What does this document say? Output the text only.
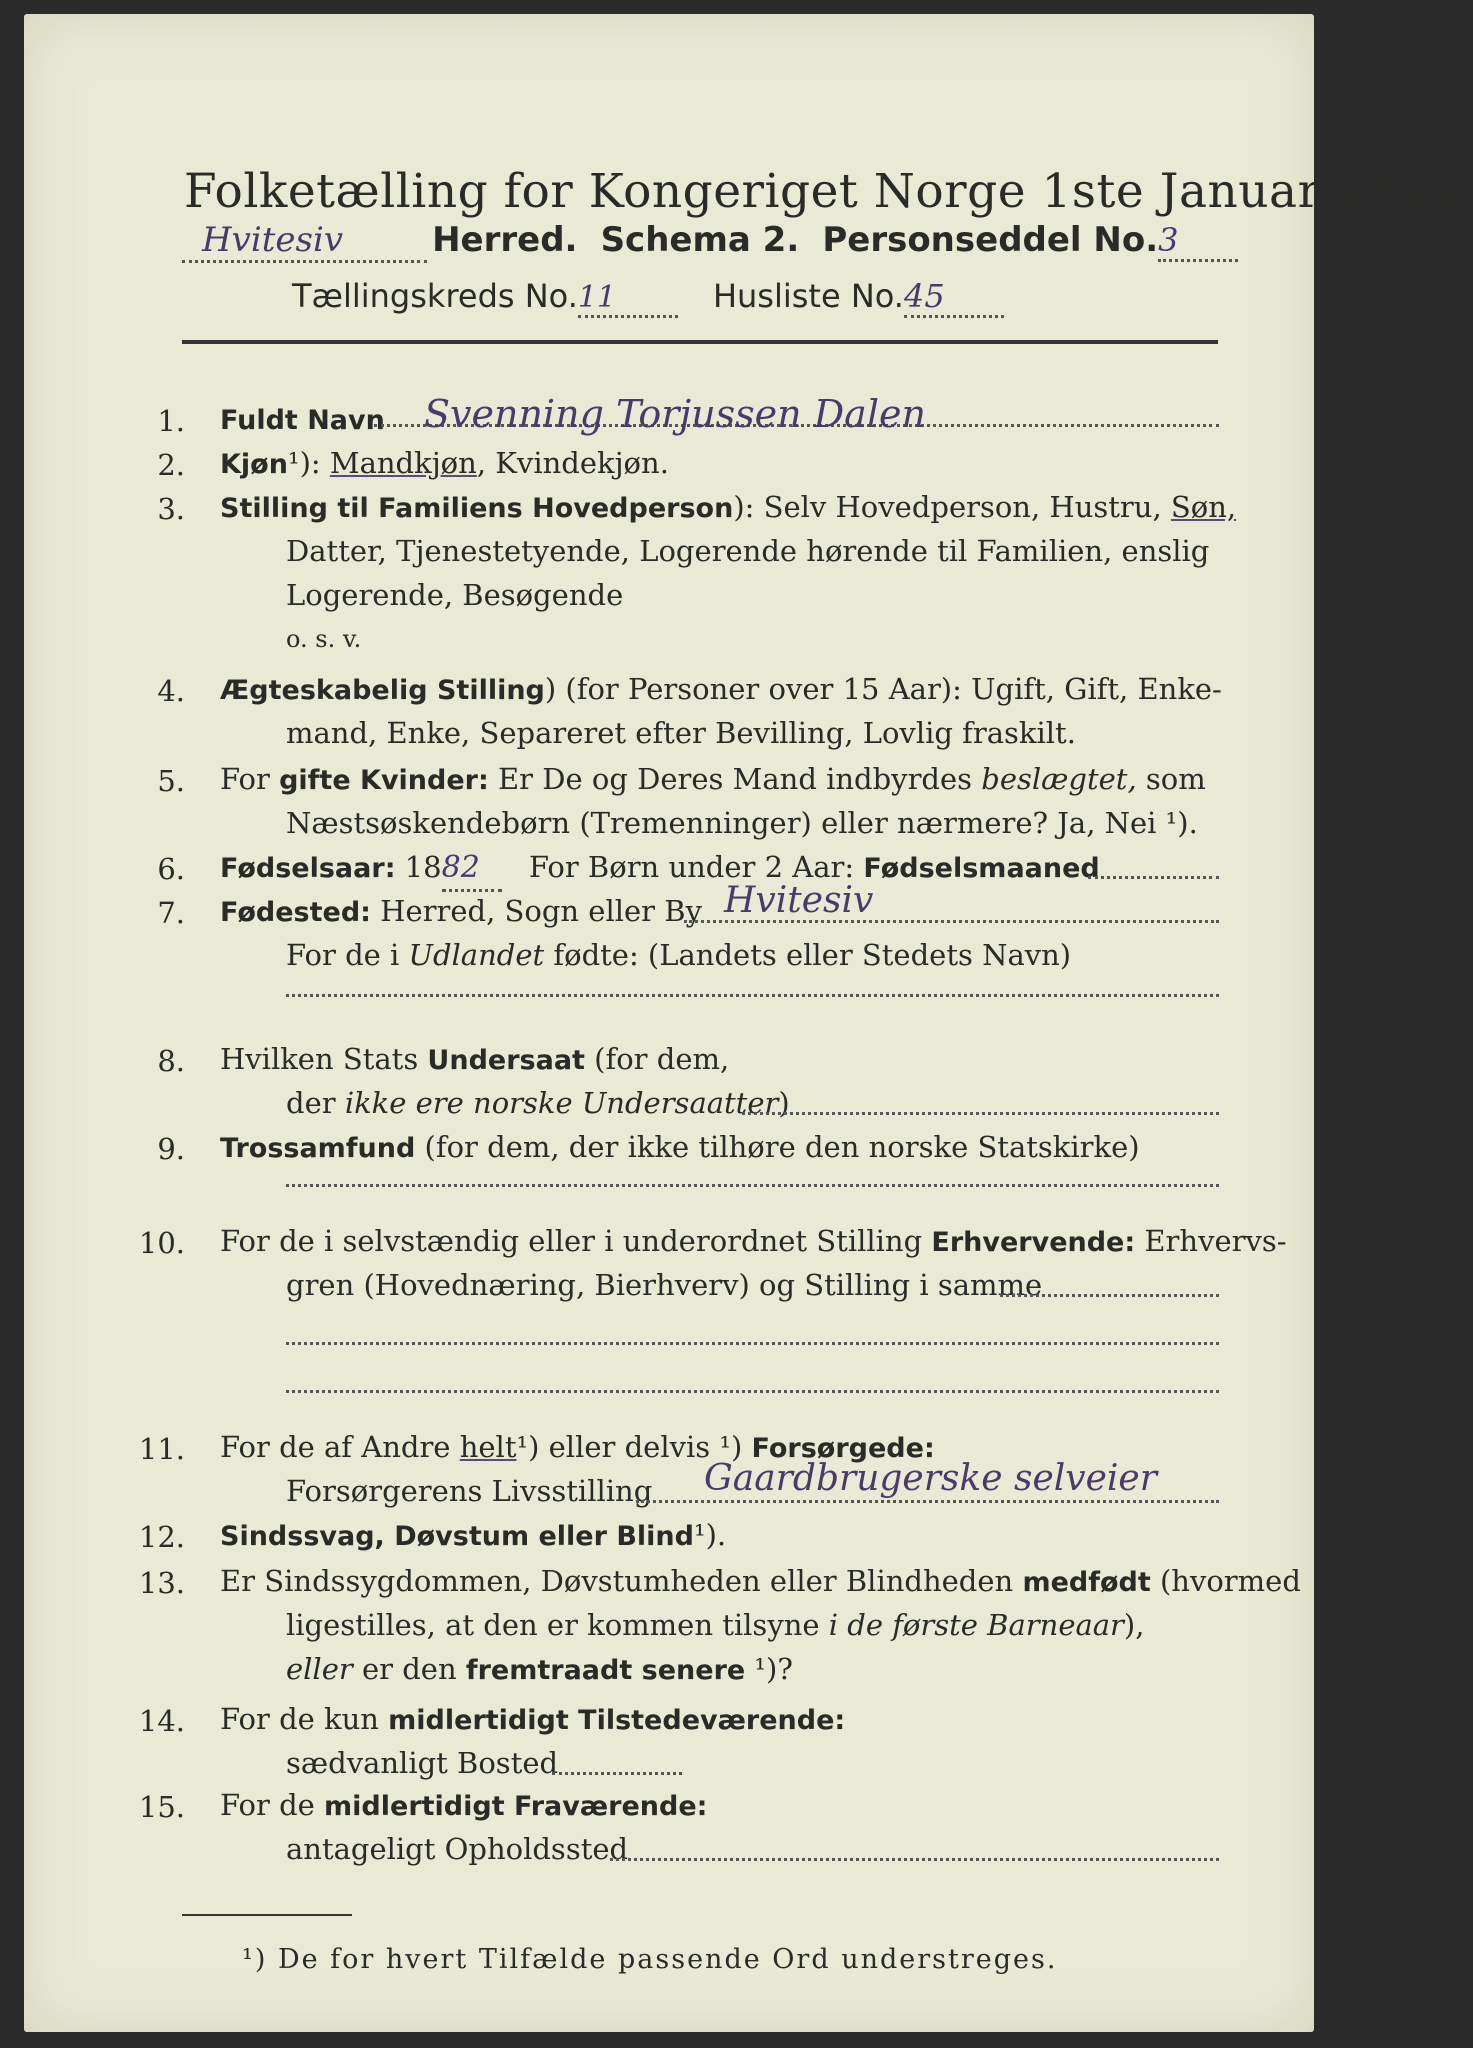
Folketælling for Kongeriget Norge 1ste Januar 1891.
Hvitesiv	Herred. Schema 2. Personseddel No.3
Tællingskreds No.11	Husliste No.45
1. Fuldt Navn Svenning Torjussen Dalen
2. Kjøn¹): Mandkjøn, Kvindekjøn.
3. Stilling til Familiens Hovedperson): Selv Hovedperson, Hustru, Søn,
Datter, Tjenestetyende, Logerende hørende til Familien, enslig
Logerende, Besøgende
o. s. v.
4. Ægteskabelig Stilling) (for Personer over 15 Aar): Ugift, Gift, Enke-
mand, Enke, Separeret efter Bevilling, Lovlig fraskilt.
5. For gifte Kvinder: Er De og Deres Mand indbyrdes beslægtet, som
Næstsøskendebørn (Tremenninger) eller nærmere? Ja, Nei ¹).
6. Fødselsaar: 1882 For Børn under 2 Aar: Fødselsmaaned
7. Fødested: Herred, Sogn eller By Hvitesiv
For de i Udlandet fødte: (Landets eller Stedets Navn)
8. Hvilken Stats Undersaat (for dem,
der ikke ere norske Undersaatter)
9. Trossamfund (for dem, der ikke tilhøre den norske Statskirke)
10. For de i selvstændig eller i underordnet Stilling Erhvervende: Erhvervs-
gren (Hovednæring, Bierhverv) og Stilling i samme
11. For de af Andre helt¹) eller delvis ¹) Forsørgede:
Forsørgerens Livsstilling Gaardbrugerske selveier
12. Sindssvag, Døvstum eller Blind¹).
13. Er Sindssygdommen, Døvstumheden eller Blindheden medfødt (hvormed
ligestilles, at den er kommen tilsyne i de første Barneaar),
eller er den fremtraadt senere ¹)?
14. For de kun midlertidigt Tilstedeværende:
sædvanligt Bosted
15. For de midlertidigt Fraværende:
antageligt Opholdssted
¹) De for hvert Tilfælde passende Ord understreges.
